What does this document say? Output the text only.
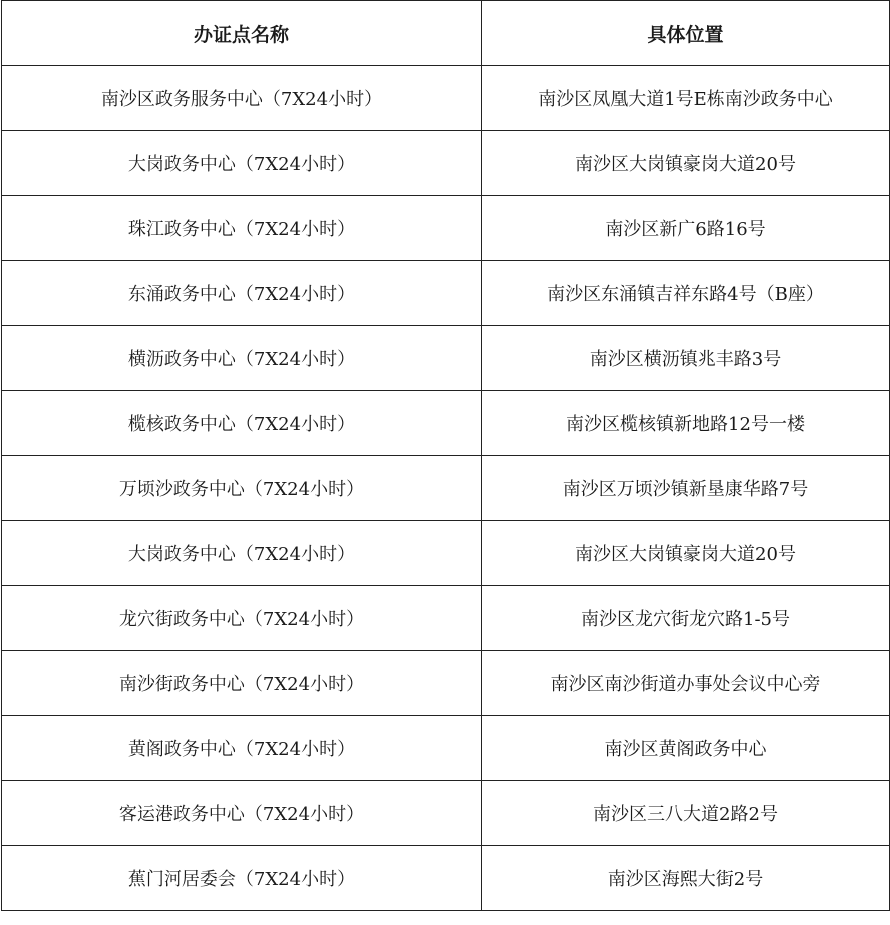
办证点名称	具体位置
南沙区政务服务中心（7X24小时）	南沙区凤凰大道1号E栋南沙政务中心
大岗政务中心（7X24小时）	南沙区大岗镇豪岗大道20号
珠江政务中心（7X24小时）	南沙区新广6路16号
东涌政务中心（7X24小时）	南沙区东涌镇吉祥东路4号（B座）
横沥政务中心（7X24小时）	南沙区横沥镇兆丰路3号
榄核政务中心（7X24小时）	南沙区榄核镇新地路12号一楼
万顷沙政务中心（7X24小时）	南沙区万顷沙镇新垦康华路7号
大岗政务中心（7X24小时）	南沙区大岗镇豪岗大道20号
龙穴街政务中心（7X24小时）	南沙区龙穴街龙穴路1-5号
南沙街政务中心（7X24小时）	南沙区南沙街道办事处会议中心旁
黄阁政务中心（7X24小时）	南沙区黄阁政务中心
客运港政务中心（7X24小时）	南沙区三八大道2路2号
蕉门河居委会（7X24小时）	南沙区海熙大街2号
